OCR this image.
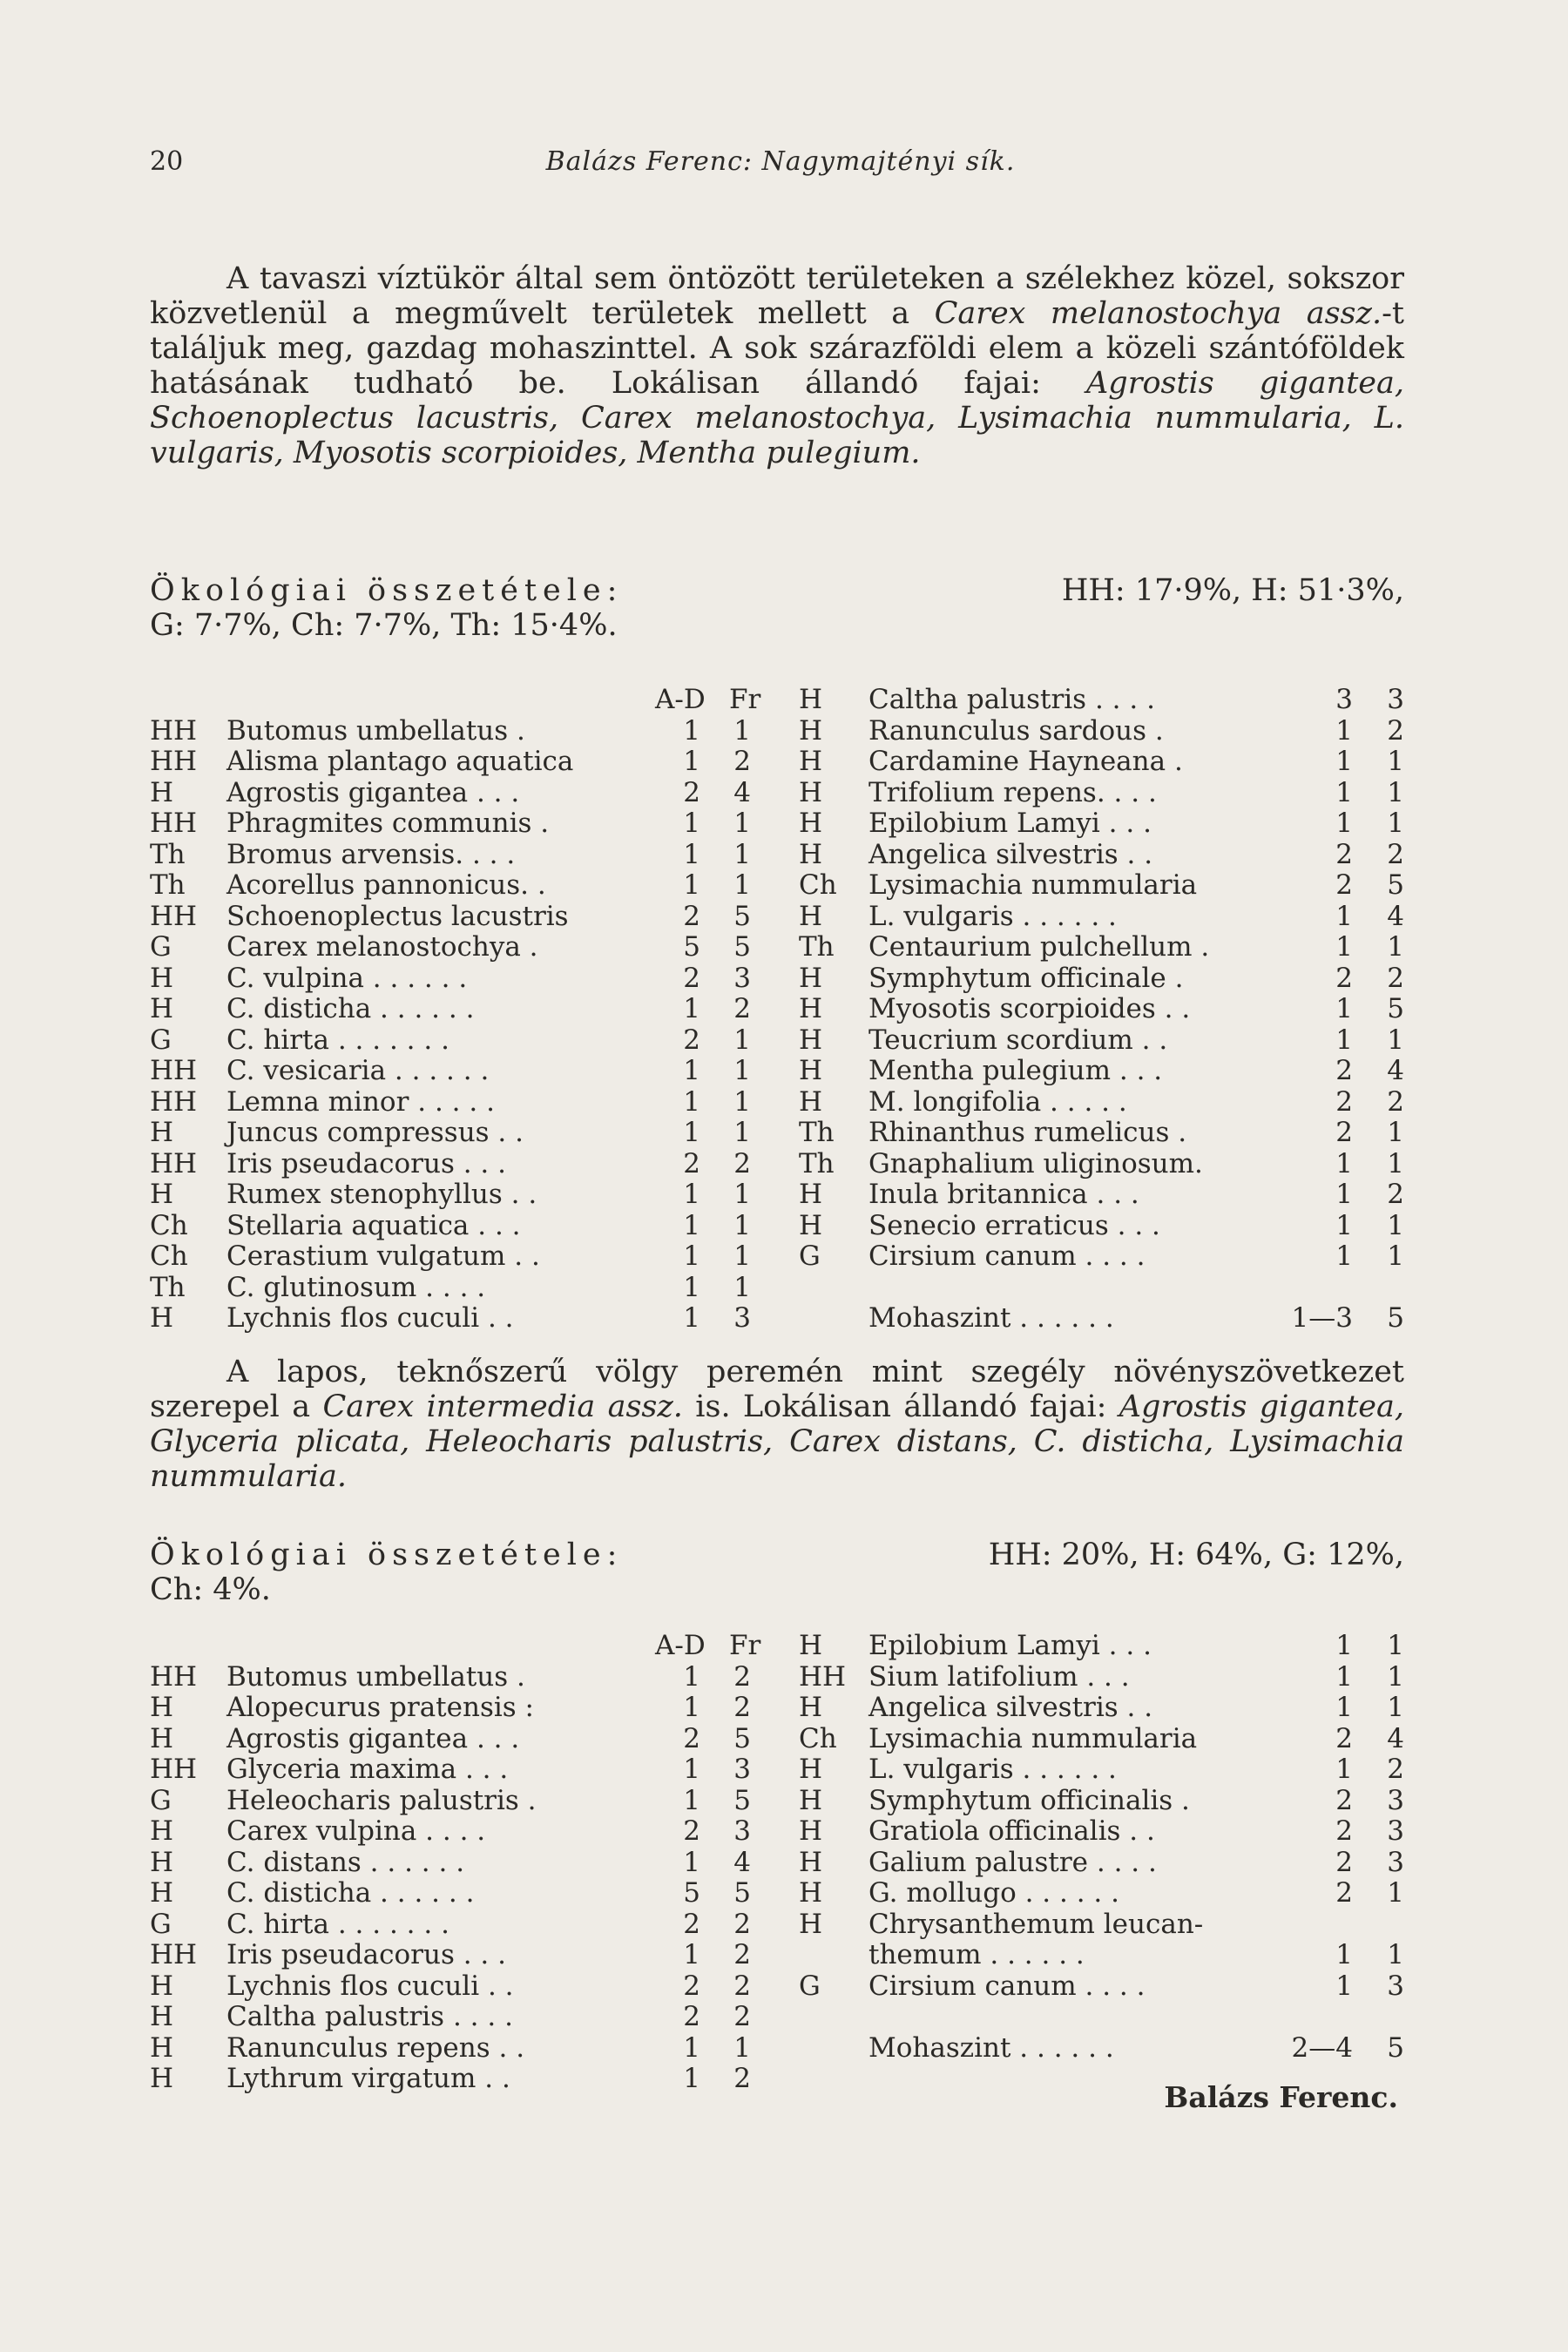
20	Balázs Ferenc: Nagymajtényi sík.
A tavaszi víztükör által sem öntözött területeken a szélekhez közel, sokszor közvetlenül a megművelt területek mellett a Carex melanostochya assz.-t találjuk meg, gazdag mohaszinttel. A sok szárazföldi elem a közeli szántóföldek hatásának tudható be. Lokálisan állandó fajai: Agrostis gigantea, Schoenoplectus lacustris, Carex melanostochya, Lysimachia nummularia, L. vulgaris, Myosotis scorpioides, Mentha pulegium.
Ökológiai összetétele:	HH: 17·9%, H: 51·3%,
G: 7·7%, Ch: 7·7%, Th: 15·4%.
A-D Fr
HH Butomus umbellatus .	1 1
HH Alisma plantago aquatica	1 2
H Agrostis gigantea . . .	2 4
HH Phragmites communis .	1 1
Th Bromus arvensis. . . .	1 1
Th Acorellus pannonicus. .	1 1
HH Schoenoplectus lacustris	2 5
G Carex melanostochya .	5 5
H C. vulpina . . . . . .	2 3
H C. disticha . . . . . .	1 2
G C. hirta . . . . . . .	2 1
HH C. vesicaria . . . . . .	1 1
HH Lemna minor . . . . .	1 1
H Juncus compressus . .	1 1
HH Iris pseudacorus . . .	2 2
H Rumex stenophyllus . .	1 1
Ch Stellaria aquatica . . .	1 1
Ch Cerastium vulgatum . .	1 1
Th C. glutinosum . . . .	1 1
H Lychnis flos cuculi . .	1 3
H Caltha palustris . . . .	3 3
H Ranunculus sardous .	1 2
H Cardamine Hayneana .	1 1
H Trifolium repens. . . .	1 1
H Epilobium Lamyi . . .	1 1
H Angelica silvestris . .	2 2
Ch Lysimachia nummularia	2 5
H L. vulgaris . . . . . .	1 4
Th Centaurium pulchellum .	1 1
H Symphytum officinale .	2 2
H Myosotis scorpioides . .	1 5
H Teucrium scordium . .	1 1
H Mentha pulegium . . .	2 4
H M. longifolia . . . . .	2 2
Th Rhinanthus rumelicus .	2 1
Th Gnaphalium uliginosum.	1 1
H Inula britannica . . .	1 2
H Senecio erraticus . . .	1 1
G Cirsium canum . . . .	1 1
Mohaszint . . . . . .	1—3 5
A lapos, teknőszerű völgy peremén mint szegély növényszövetkezet szerepel a Carex intermedia assz. is. Lokálisan állandó fajai: Agrostis gigantea, Glyceria plicata, Heleocharis palustris, Carex distans, C. disticha, Lysimachia nummularia.
Ökológiai összetétele:	HH: 20%, H: 64%, G: 12%,
Ch: 4%.
A-D Fr
HH Butomus umbellatus .	1 2
H Alopecurus pratensis :	1 2
H Agrostis gigantea . . .	2 5
HH Glyceria maxima . . .	1 3
G Heleocharis palustris .	1 5
H Carex vulpina . . . .	2 3
H C. distans . . . . . .	1 4
H C. disticha . . . . . .	5 5
G C. hirta . . . . . . .	2 2
HH Iris pseudacorus . . .	1 2
H Lychnis flos cuculi . .	2 2
H Caltha palustris . . . .	2 2
H Ranunculus repens . .	1 1
H Lythrum virgatum . .	1 2
H Epilobium Lamyi . . .	1 1
HH Sium latifolium . . .	1 1
H Angelica silvestris . .	1 1
Ch Lysimachia nummularia	2 4
H L. vulgaris . . . . . .	1 2
H Symphytum officinalis .	2 3
H Gratiola officinalis . .	2 3
H Galium palustre . . . .	2 3
H G. mollugo . . . . . .	2 1
H Chrysanthemum leucan-
themum . . . . . .	1 1
G Cirsium canum . . . .	1 3
Mohaszint . . . . . .	2—4 5
Balázs Ferenc.
